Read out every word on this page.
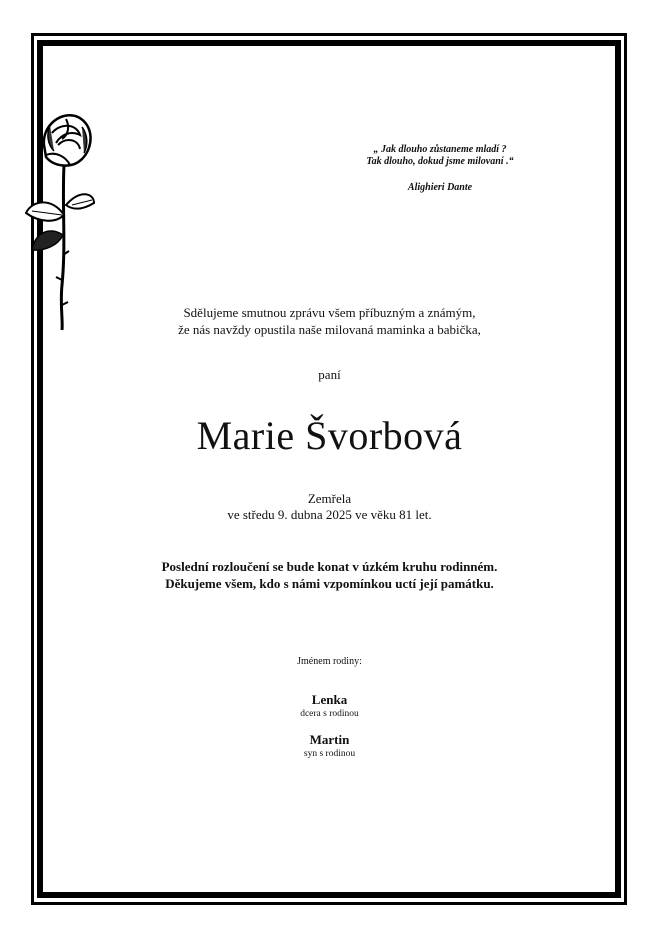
„ Jak dlouho zůstaneme mladí ?
Tak dlouho, dokud jsme milovaní .“
Alighieri Dante
Sdělujeme smutnou zprávu všem příbuzným a známým,
že nás navždy opustila naše milovaná maminka a babička,
paní
Marie Švorbová
Zemřela
ve středu 9. dubna 2025 ve věku 81 let.
Poslední rozloučení se bude konat v úzkém kruhu rodinném.
Děkujeme všem, kdo s námi vzpomínkou uctí její památku.
Jménem rodiny:
Lenka
dcera s rodinou
Martin
syn s rodinou
